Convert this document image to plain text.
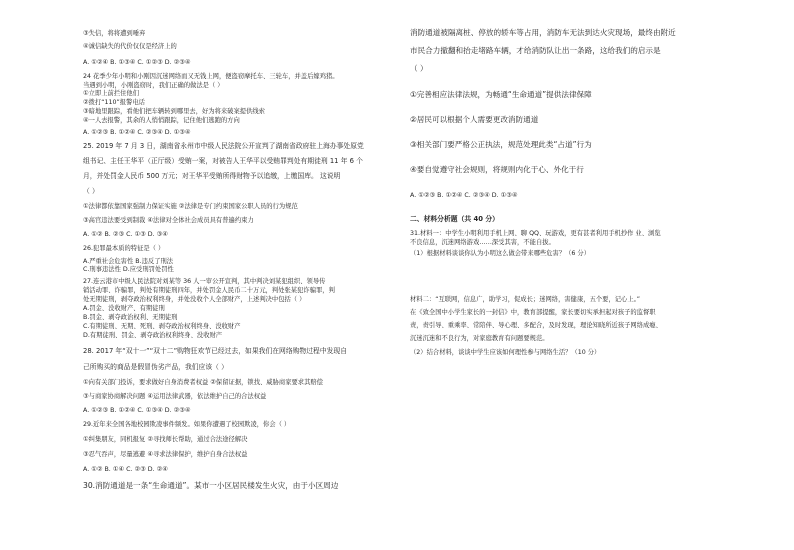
③失信，将将遭到唾弃
④诚信缺失的代价仅仅是经济上的
A. ①②④ B. ①③④ C. ①②③ D. ②③④
24 花季少年小明和小刚因沉迷网络而又无钱上网，便盗窃摩托车、三轮车，并盖后嫁鸡猪。
当遇到小明，小刚盗窃时，我们正确的做法是（ ）
①立即上前拦住他们
②拨打“110”报警电话
③暗地里跟踪，看他们把车辆转到哪里去，好为将来破案提供线索
④一人去报警，其余的人悄悄跟踪，记住他们逃跑的方向
A. ①②③ B. ①②④ C. ②③④ D. ①③④
25. 2019 年 7 月 3 日，湖南省永州市中级人民法院公开宣判了湖南省政府驻上海办事处原党
组书记、主任王华平（正厅级）受贿一案，对被告人王华平以受贿罪判处有期徒刑 11 年 6 个
月，并处罚金人民币 500 万元；对王华平受贿所得财物予以追缴，上缴国库。 这说明
（ ）
①法律都依靠国家强制力保证实施 ②法律是专门约束国家公职人员的行为规范
③高官违法要受到制裁 ④法律对全体社会成员具有普遍约束力
A. ①② B. ②③ C. ①③ D. ③④
26.犯罪最本质的特征是（ ）
A.严重社会危害性 B.违反了刑法
C.刑事违法性 D.应受刑罚处罚性
27.连云港市中级人民法院对刘某等 36 人一审公开宣判，其中判决刘某犯组织、领导传
销活动罪、诈骗罪，判处有期徒刑四年，并处罚金人民币二十万元，判处张某犯诈骗罪，判
处无期徒刑，剥夺政治权利终身，并处没收个人全部财产，上述判决中包括（ ）
A.罚金、没收财产、有期徒刑
B.罚金、剥夺政治权利、无期徒刑
C.有期徒刑、无期、死刑、剥夺政治权利终身、没收财产
D.有期徒刑、罚金、剥夺政治权利终身、没收财产
28. 2017 年“双十一”“双十二”购物狂欢节已经过去，如果我们在网络购物过程中发现自
己所购买的商品是假冒伪劣产品，我们应该（ ）
①向有关部门投诉，要求做好自身消费者权益 ②保留证据，锁找、威胁商家要求其赔偿
③与商家协商解决问题 ④运用法律武器，依法维护自己的合法权益
A. ①②③ B. ①②④ C. ①③④ D. ②③④
29.近年来全国各地校园欺凌事件频发。如果你遭遇了校园欺凌，你会（ ）
①纠集朋友，同机报复 ②寻找师长帮助，通过合法途径解决
③忍气吞声，尽量逃避 ④寻求法律保护，维护自身合法权益
A. ①② B. ①④ C. ②③ D. ②④
30.消防通道是一条“生命通道”。某市一小区居民楼发生火灾，由于小区周边
消防通道被隔离桩、停放的轿车等占用，消防车无法到达火灾现场，最终由附近
市民合力撤翻和抬走堵路车辆，才给消防队让出一条路，这给我们的启示是
（ ）
①完善相应法律法规，为畅通“生命通道”提供法律保障
②居民可以根据个人需要更改消防通道
③相关部门要严格公正执法，规范处理此类“占道”行为
④要自觉遵守社会规则，将规则内化于心、外化于行
A. ①②③ B. ①②④ C. ②③④ D. ①③④
二、材料分析题（共 40 分）
31.材料一：中学生小明利用手机上网、聊 QQ、玩游戏，更有甚者利用手机抄作 业、浏览
不良信息，沉迷网络游戏……深受其害，不能自拔。
（1）根据材料谈谈你认为小明这么做会带来哪些危害？（6 分）
材料二：“互联网，信息广，助学习，促成长；迷网络，害健康，五个要，记心上。”
在《致全国中小学生家长的一封信》中，教育部提醒，家长要切实承担起对孩子的监督职
责，责引导、重乘率、常陪伴、导心理、多配合，及时发现，理论知晓所近孩子网络成瘾、
沉迷沉迷和不良行为，对家庭教育有问题要规范。
（2）结合材料，谈谈中学生应该如何理性参与网络生活？（10 分）
